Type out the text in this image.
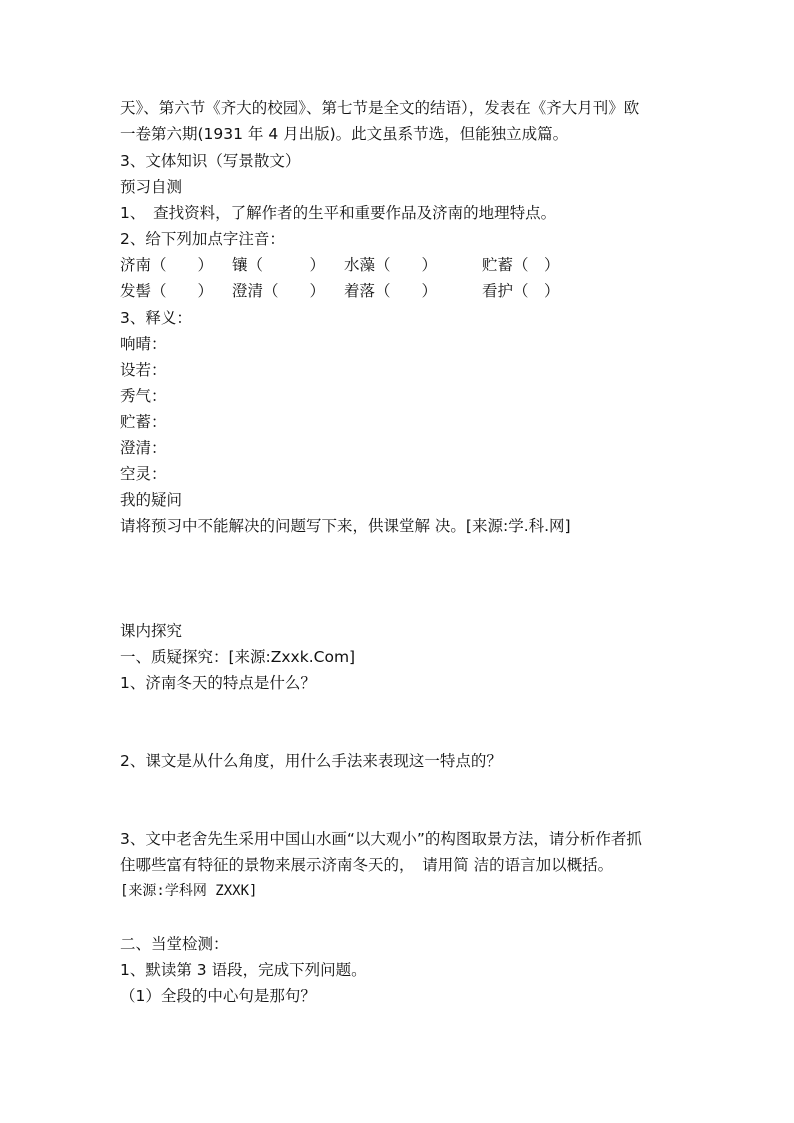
天》、第六节《齐大的校园》、第七节是全文的结语），发表在《齐大月刊》欧
一卷第六期(1931 年 4 月出版)。此文虽系节选，但能独立成篇。
3、文体知识（写景散文）
预习自测
1、　查找资料，了解作者的生平和重要作品及济南的地理特点。
2、给下列加点字注音：
济南（　　） 镶（　　　） 水藻（　　）	贮蓄（　）
发髻（　　） 澄清（　　） 着落（　　）	看护（　）
3、释义：
响晴：
设若：
秀气：
贮蓄：
澄清：
空灵：
我的疑问
请将预习中不能解决的问题写下来，供课堂解 决。[来源:学.科.网]
课内探究
一、质疑探究：[来源:Zxxk.Com]
1、济南冬天的特点是什么？
2、课文是从什么角度，用什么手法来表现这一特点的？
3、文中老舍先生采用中国山水画“以大观小”的构图取景方法，请分析作者抓
住哪些富有特征的景物来展示济南冬天的，　请用简 洁的语言加以概括。
[来源:学科网 ZXXK]
二、当堂检测：
1、默读第 3 语段，完成下列问题。
（1）全段的中心句是那句？
